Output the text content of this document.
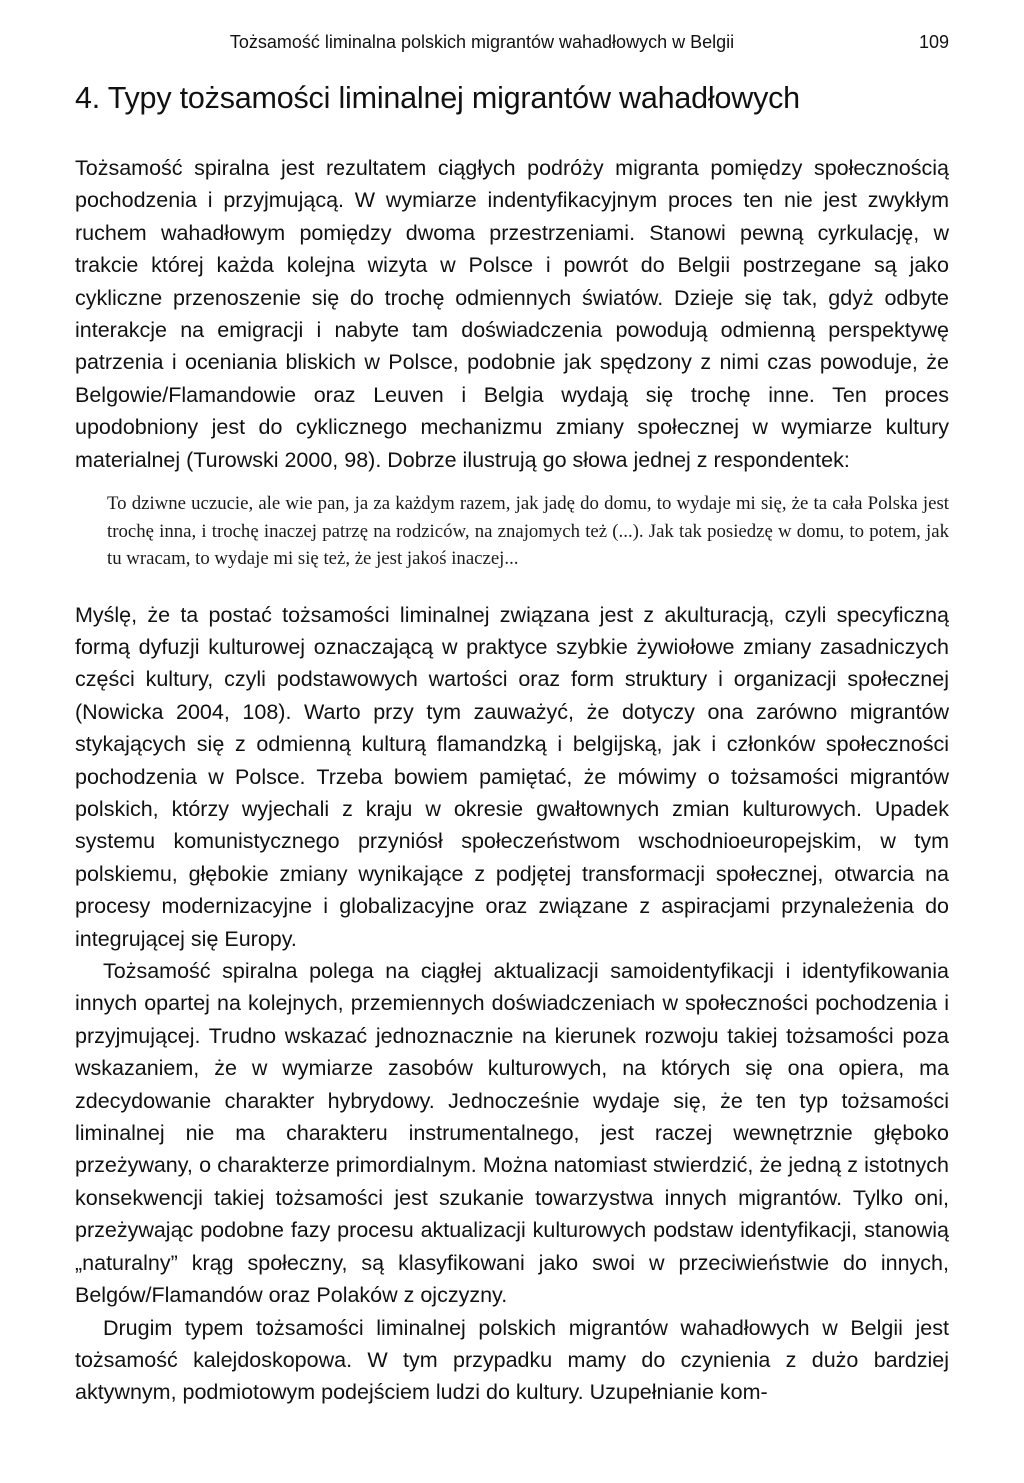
Tożsamość liminalna polskich migrantów wahadłowych w Belgii	109
4. Typy tożsamości liminalnej migrantów wahadłowych

Tożsamość spiralna jest rezultatem ciągłych podróży migranta pomiędzy społecznością pochodzenia i przyjmującą. W wymiarze indentyfikacyjnym proces ten nie jest zwykłym ruchem wahadłowym pomiędzy dwoma przestrzeniami. Stanowi pewną cyrkulację, w trakcie której każda kolejna wizyta w Polsce i powrót do Belgii postrzegane są jako cykliczne przenoszenie się do trochę odmiennych światów. Dzieje się tak, gdyż odbyte interakcje na emigracji i nabyte tam doświadczenia powodują odmienną perspektywę patrzenia i oceniania bliskich w Polsce, podobnie jak spędzony z nimi czas powoduje, że Belgowie/Flamandowie oraz Leuven i Belgia wydają się trochę inne. Ten proces upodobniony jest do cyklicznego mechanizmu zmiany społecznej w wymiarze kultury materialnej (Turowski 2000, 98). Dobrze ilustrują go słowa jednej z respondentek:

To dziwne uczucie, ale wie pan, ja za każdym razem, jak jadę do domu, to wydaje mi się, że ta cała Polska jest trochę inna, i trochę inaczej patrzę na rodziców, na znajomych też (...). Jak tak posiedzę w domu, to potem, jak tu wracam, to wydaje mi się też, że jest jakoś inaczej...

Myślę, że ta postać tożsamości liminalnej związana jest z akulturacją, czyli specyficzną formą dyfuzji kulturowej oznaczającą w praktyce szybkie żywiołowe zmiany zasadniczych części kultury, czyli podstawowych wartości oraz form struktury i organizacji społecznej (Nowicka 2004, 108). Warto przy tym zauważyć, że dotyczy ona zarówno migrantów stykających się z odmienną kulturą flamandzką i belgijską, jak i członków społeczności pochodzenia w Polsce. Trzeba bowiem pamiętać, że mówimy o tożsamości migrantów polskich, którzy wyjechali z kraju w okresie gwałtownych zmian kulturowych. Upadek systemu komunistycznego przyniósł społeczeństwom wschodnioeuropejskim, w tym polskiemu, głębokie zmiany wynikające z podjętej transformacji społecznej, otwarcia na procesy modernizacyjne i globalizacyjne oraz związane z aspiracjami przynależenia do integrującej się Europy.

Tożsamość spiralna polega na ciągłej aktualizacji samoidentyfikacji i identyfikowania innych opartej na kolejnych, przemiennych doświadczeniach w społeczności pochodzenia i przyjmującej. Trudno wskazać jednoznacznie na kierunek rozwoju takiej tożsamości poza wskazaniem, że w wymiarze zasobów kulturowych, na których się ona opiera, ma zdecydowanie charakter hybrydowy. Jednocześnie wydaje się, że ten typ tożsamości liminalnej nie ma charakteru instrumentalnego, jest raczej wewnętrznie głęboko przeżywany, o charakterze primordialnym. Można natomiast stwierdzić, że jedną z istotnych konsekwencji takiej tożsamości jest szukanie towarzystwa innych migrantów. Tylko oni, przeżywając podobne fazy procesu aktualizacji kulturowych podstaw identyfikacji, stanowią „naturalny” krąg społeczny, są klasyfikowani jako swoi w przeciwieństwie do innych, Belgów/Flamandów oraz Polaków z ojczyzny.

Drugim typem tożsamości liminalnej polskich migrantów wahadłowych w Belgii jest tożsamość kalejdoskopowa. W tym przypadku mamy do czynienia z dużo bardziej aktywnym, podmiotowym podejściem ludzi do kultury. Uzupełnianie kom-
